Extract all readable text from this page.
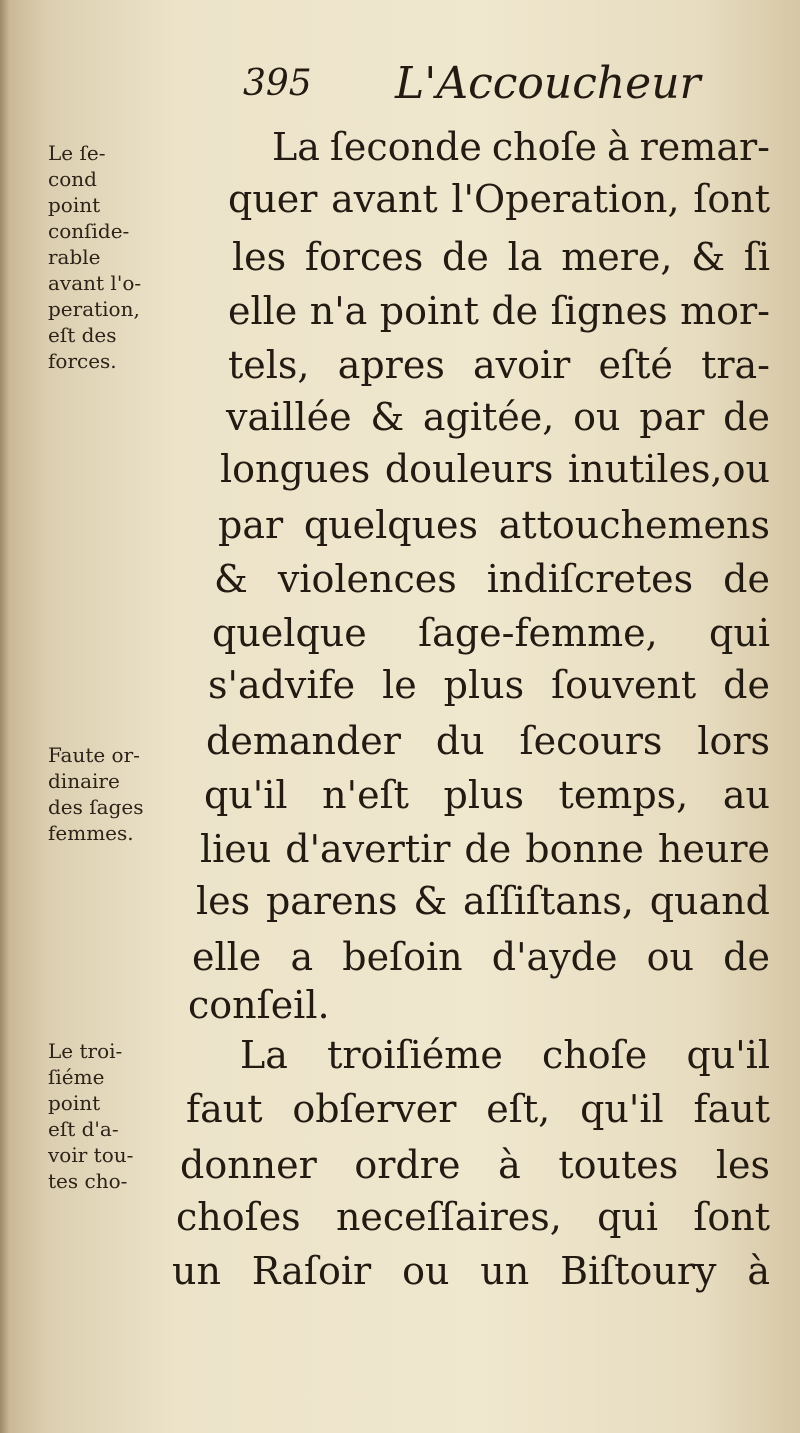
395 L'Accoucheur
La ſeconde choſe à remar-
quer avant l'Operation, ſont
les forces de la mere, & ſi
elle n'a point de ſignes mor-
tels, apres avoir eſté tra-
vaillée & agitée, ou par de
longues douleurs inutiles,ou
par quelques attouchemens
& violences indiſcretes de
quelque ſage-femme, qui
s'advife le plus ſouvent de
demander du ſecours lors
qu'il n'eſt plus temps, au
lieu d'avertir de bonne heure
les parens & aſſiſtans, quand
elle a beſoin d'ayde ou de
conſeil.
La troiſiéme choſe qu'il
faut obſerver eſt, qu'il faut
donner ordre à toutes les
choſes neceſſaires, qui ſont
un Raſoir ou un Biſtoury à
Le ſe-
cond
point
conſide-
rable
avant l'o-
peration,
eſt des
forces.
Faute or-
dinaire
des ſages
femmes.
Le troi-
ſiéme
point
eſt d'a-
voir tou-
tes cho-
